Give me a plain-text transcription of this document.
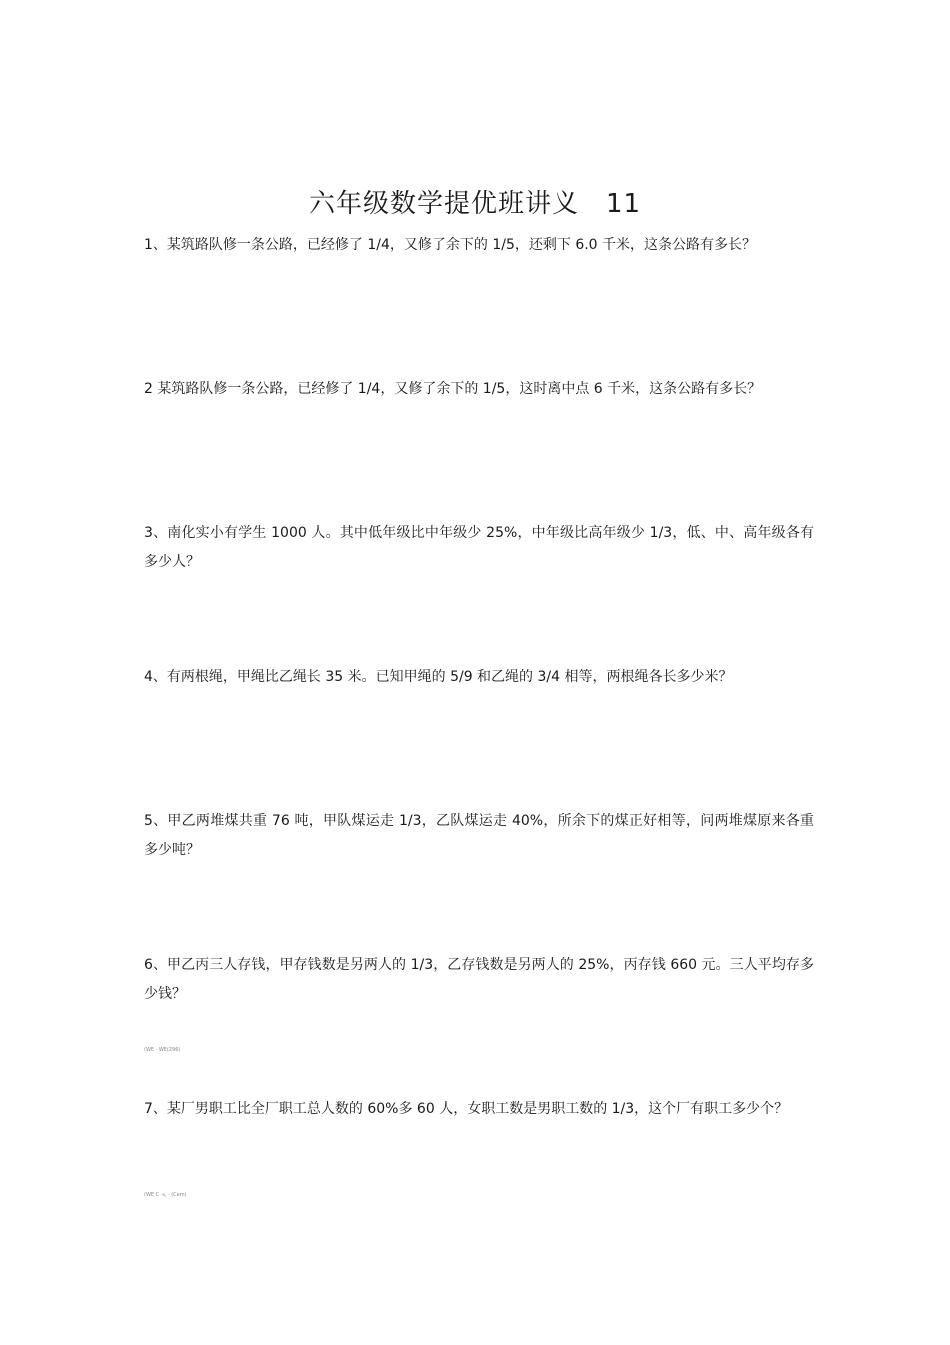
六年级数学提优班讲义　11
1、某筑路队修一条公路，已经修了 1/4，又修了余下的 1/5，还剩下 6.0 千米，这条公路有多长？
2 某筑路队修一条公路，已经修了 1/4，又修了余下的 1/5，这时离中点 6 千米，这条公路有多长？
3、南化实小有学生 1000 人。其中低年级比中年级少 25%，中年级比高年级少 1/3，低、中、高年级各有多少人？
4、有两根绳，甲绳比乙绳长 35 米。已知甲绳的 5/9 和乙绳的 3/4 相等，两根绳各长多少米？
5、甲乙两堆煤共重 76 吨，甲队煤运走 1/3，乙队煤运走 40%，所余下的煤正好相等，问两堆煤原来各重多少吨？
6、甲乙丙三人存钱，甲存钱数是另两人的 1/3，乙存钱数是另两人的 25%，丙存钱 660 元。三人平均存多少钱？
(WE · WE(296)
7、某厂男职工比全厂职工总人数的 60%多 60 人，女职工数是男职工数的 1/3，这个厂有职工多少个？
(WE C ·s, · (Cem)
